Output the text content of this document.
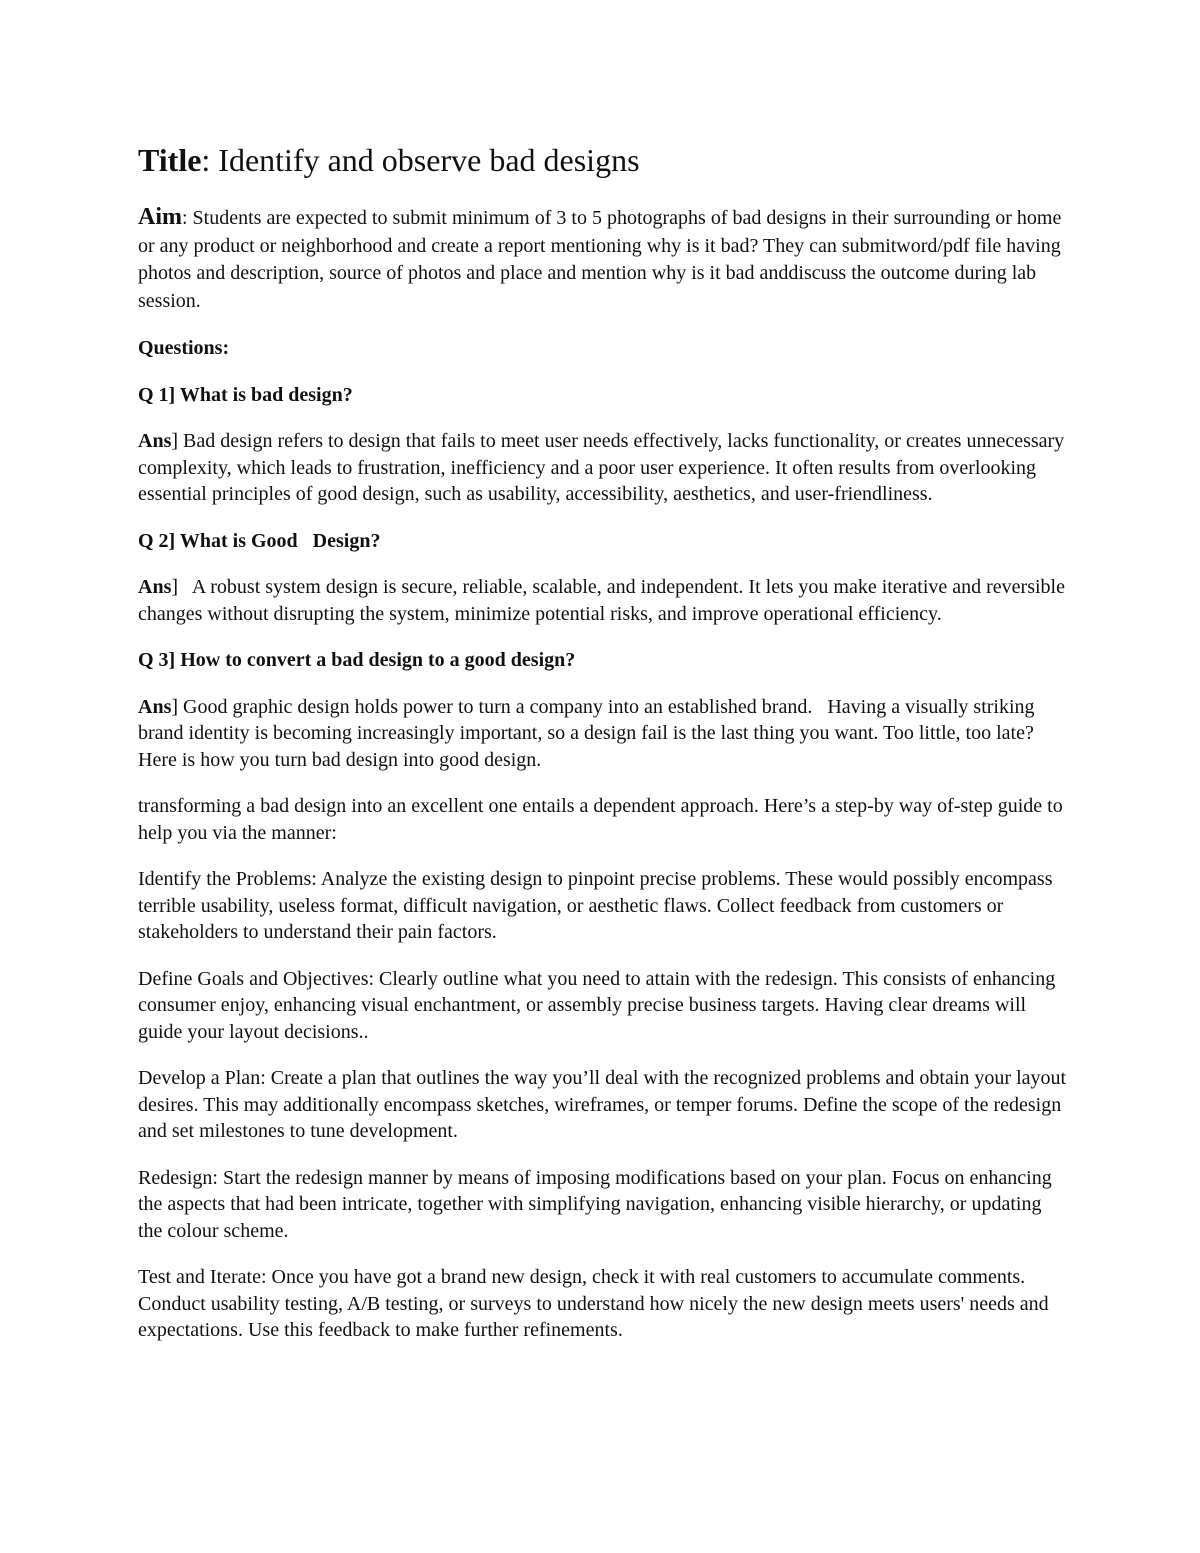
Title: Identify and observe bad designs

Aim: Students are expected to submit minimum of 3 to 5 photographs of bad designs in their surrounding or home or any product or neighborhood and create a report mentioning why is it bad? They can submitword/pdf file having photos and description, source of photos and place and mention why is it bad anddiscuss the outcome during lab session.

Questions:

Q 1] What is bad design?

Ans] Bad design refers to design that fails to meet user needs effectively, lacks functionality, or creates unnecessary complexity, which leads to frustration, inefficiency and a poor user experience. It often results from overlooking essential principles of good design, such as usability, accessibility, aesthetics, and user-friendliness.

Q 2] What is Good   Design?

Ans]   A robust system design is secure, reliable, scalable, and independent. It lets you make iterative and reversible changes without disrupting the system, minimize potential risks, and improve operational efficiency.

Q 3] How to convert a bad design to a good design?

Ans] Good graphic design holds power to turn a company into an established brand.   Having a visually striking brand identity is becoming increasingly important, so a design fail is the last thing you want. Too little, too late? Here is how you turn bad design into good design.

transforming a bad design into an excellent one entails a dependent approach. Here’s a step-by way of-step guide to help you via the manner:

Identify the Problems: Analyze the existing design to pinpoint precise problems. These would possibly encompass terrible usability, useless format, difficult navigation, or aesthetic flaws. Collect feedback from customers or stakeholders to understand their pain factors.

Define Goals and Objectives: Clearly outline what you need to attain with the redesign. This consists of enhancing consumer enjoy, enhancing visual enchantment, or assembly precise business targets. Having clear dreams will guide your layout decisions..

Develop a Plan: Create a plan that outlines the way you’ll deal with the recognized problems and obtain your layout desires. This may additionally encompass sketches, wireframes, or temper forums. Define the scope of the redesign and set milestones to tune development.

Redesign: Start the redesign manner by means of imposing modifications based on your plan. Focus on enhancing the aspects that had been intricate, together with simplifying navigation, enhancing visible hierarchy, or updating the colour scheme.

Test and Iterate: Once you have got a brand new design, check it with real customers to accumulate comments. Conduct usability testing, A/B testing, or surveys to understand how nicely the new design meets users' needs and expectations. Use this feedback to make further refinements.
